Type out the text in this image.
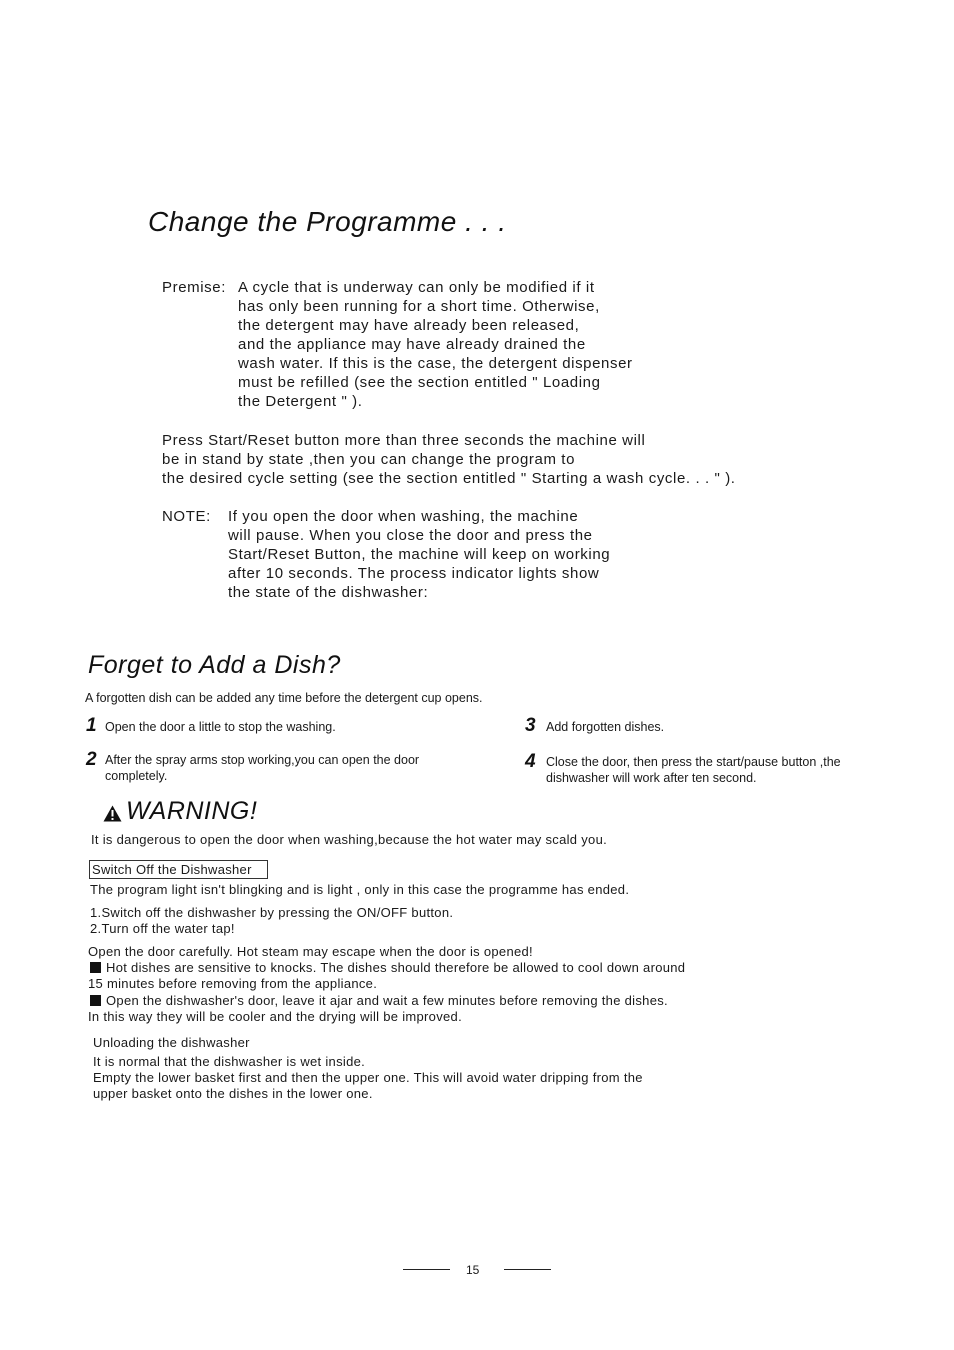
Change the Programme . . .
Premise: A cycle that is underway can only be modified if it
has only been running for a short time. Otherwise,
the detergent may have already been released,
and the appliance may have already drained the
wash water. If this is the case, the detergent dispenser
must be refilled (see the section entitled " Loading
the Detergent " ).
Press Start/Reset button more than three seconds the machine will
be in stand by state ,then you can change the program to
the desired cycle setting (see the section entitled " Starting a wash cycle. . . " ).
NOTE: If you open the door when washing, the machine
will pause. When you close the door and press the
Start/Reset Button, the machine will keep on working
after 10 seconds. The process indicator lights show
the state of the dishwasher:
Forget to Add a Dish?
A forgotten dish can be added any time before the detergent cup opens.
1 Open the door a little to stop the washing.
2 After the spray arms stop working,you can open the door
completely.
3 Add forgotten dishes.
4 Close the door, then press the start/pause button ,the
dishwasher will work after ten second.
WARNING!
It is dangerous to open the door when washing,because the hot water may scald you.
Switch Off the Dishwasher
The program light isn't blingking and is light , only in this case the programme has ended.
1.Switch off the dishwasher by pressing the ON/OFF button.
2.Turn off the water tap!
Open the door carefully. Hot steam may escape when the door is opened!
Hot dishes are sensitive to knocks. The dishes should therefore be allowed to cool down around
15 minutes before removing from the appliance.
Open the dishwasher's door, leave it ajar and wait a few minutes before removing the dishes.
In this way they will be cooler and the drying will be improved.
Unloading the dishwasher
It is normal that the dishwasher is wet inside.
Empty the lower basket first and then the upper one. This will avoid water dripping from the
upper basket onto the dishes in the lower one.
15
